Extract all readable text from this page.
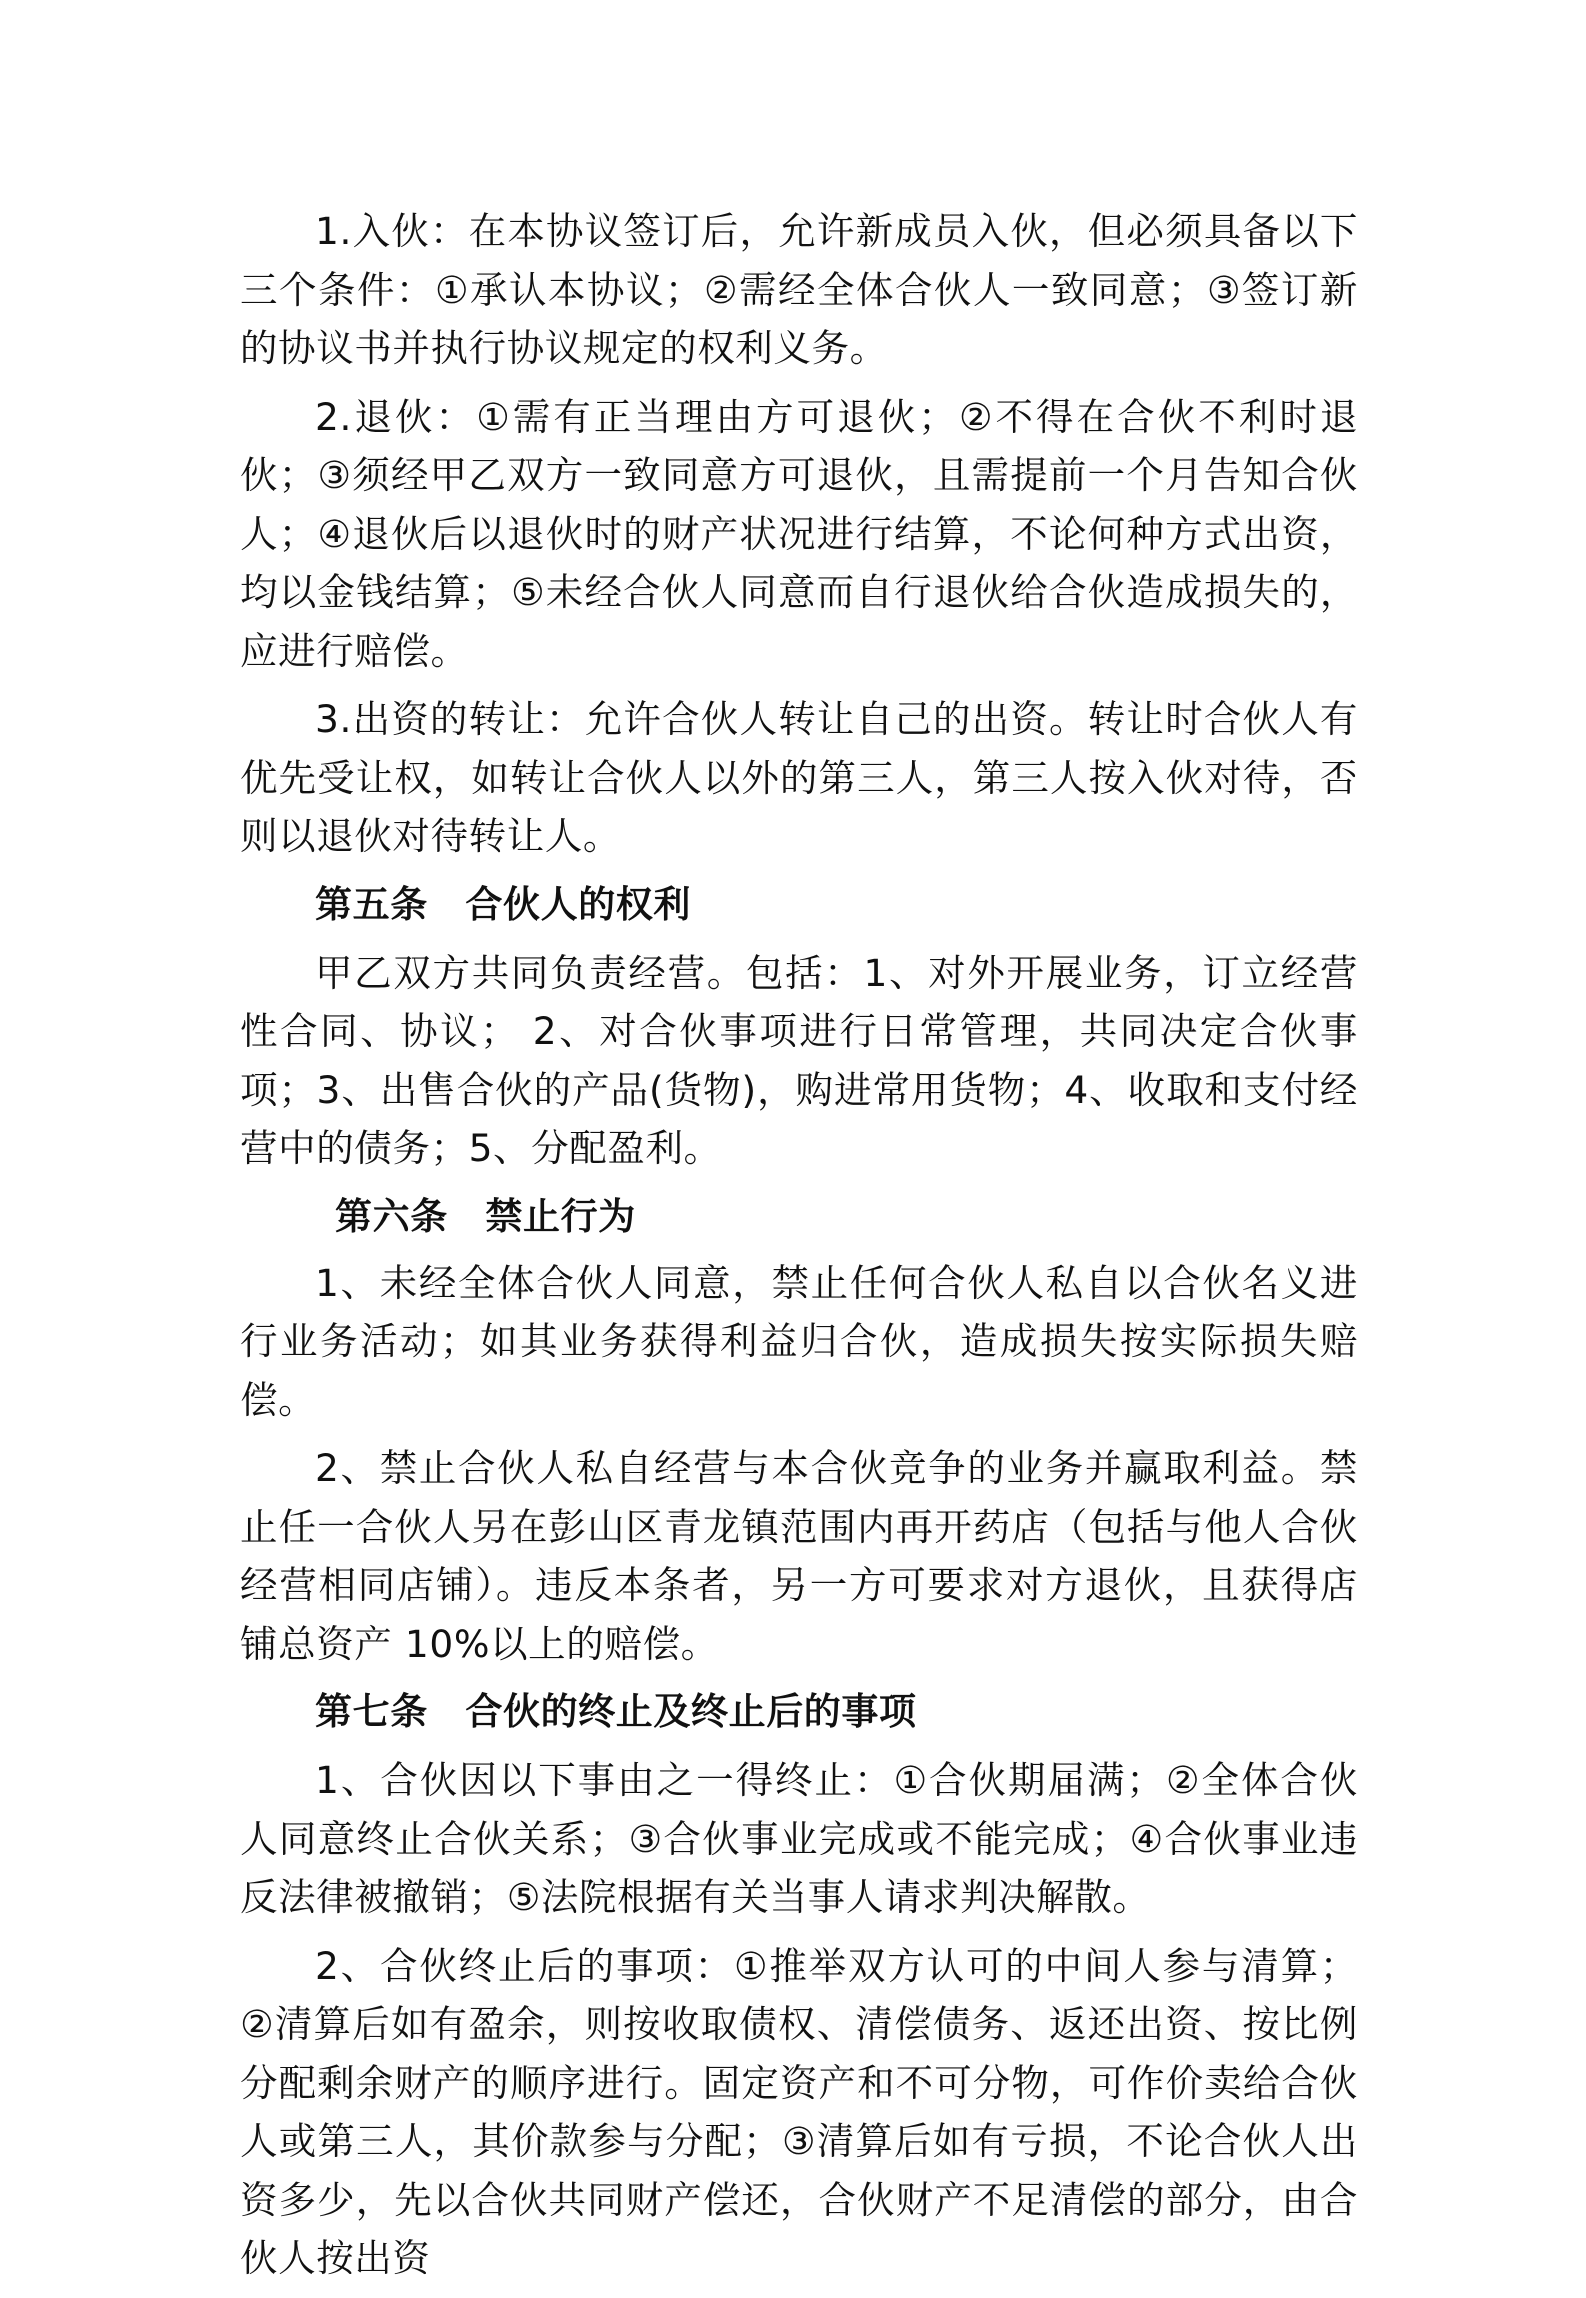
1.入伙：在本协议签订后，允许新成员入伙，但必须具备以下三个条件：①承认本协议；②需经全体合伙人一致同意；③签订新的协议书并执行协议规定的权利义务。

2.退伙：①需有正当理由方可退伙；②不得在合伙不利时退伙；③须经甲乙双方一致同意方可退伙，且需提前一个月告知合伙人；④退伙后以退伙时的财产状况进行结算，不论何种方式出资，均以金钱结算；⑤未经合伙人同意而自行退伙给合伙造成损失的，应进行赔偿。

3.出资的转让：允许合伙人转让自己的出资。转让时合伙人有优先受让权，如转让合伙人以外的第三人，第三人按入伙对待，否则以退伙对待转让人。

第五条　合伙人的权利

甲乙双方共同负责经营。包括：1、对外开展业务，订立经营性合同、协议； 2、对合伙事项进行日常管理，共同决定合伙事项；3、出售合伙的产品(货物)，购进常用货物；4、收取和支付经营中的债务；5、分配盈利。

第六条　禁止行为

1、未经全体合伙人同意，禁止任何合伙人私自以合伙名义进行业务活动；如其业务获得利益归合伙，造成损失按实际损失赔偿。

2、禁止合伙人私自经营与本合伙竞争的业务并赢取利益。禁止任一合伙人另在彭山区青龙镇范围内再开药店（包括与他人合伙经营相同店铺）。违反本条者，另一方可要求对方退伙，且获得店铺总资产 10%以上的赔偿。

第七条　合伙的终止及终止后的事项

1、合伙因以下事由之一得终止：①合伙期届满；②全体合伙人同意终止合伙关系；③合伙事业完成或不能完成；④合伙事业违反法律被撤销；⑤法院根据有关当事人请求判决解散。

2、合伙终止后的事项：①推举双方认可的中间人参与清算；②清算后如有盈余，则按收取债权、清偿债务、返还出资、按比例分配剩余财产的顺序进行。固定资产和不可分物，可作价卖给合伙人或第三人，其价款参与分配；③清算后如有亏损，不论合伙人出资多少，先以合伙共同财产偿还，合伙财产不足清偿的部分，由合伙人按出资
